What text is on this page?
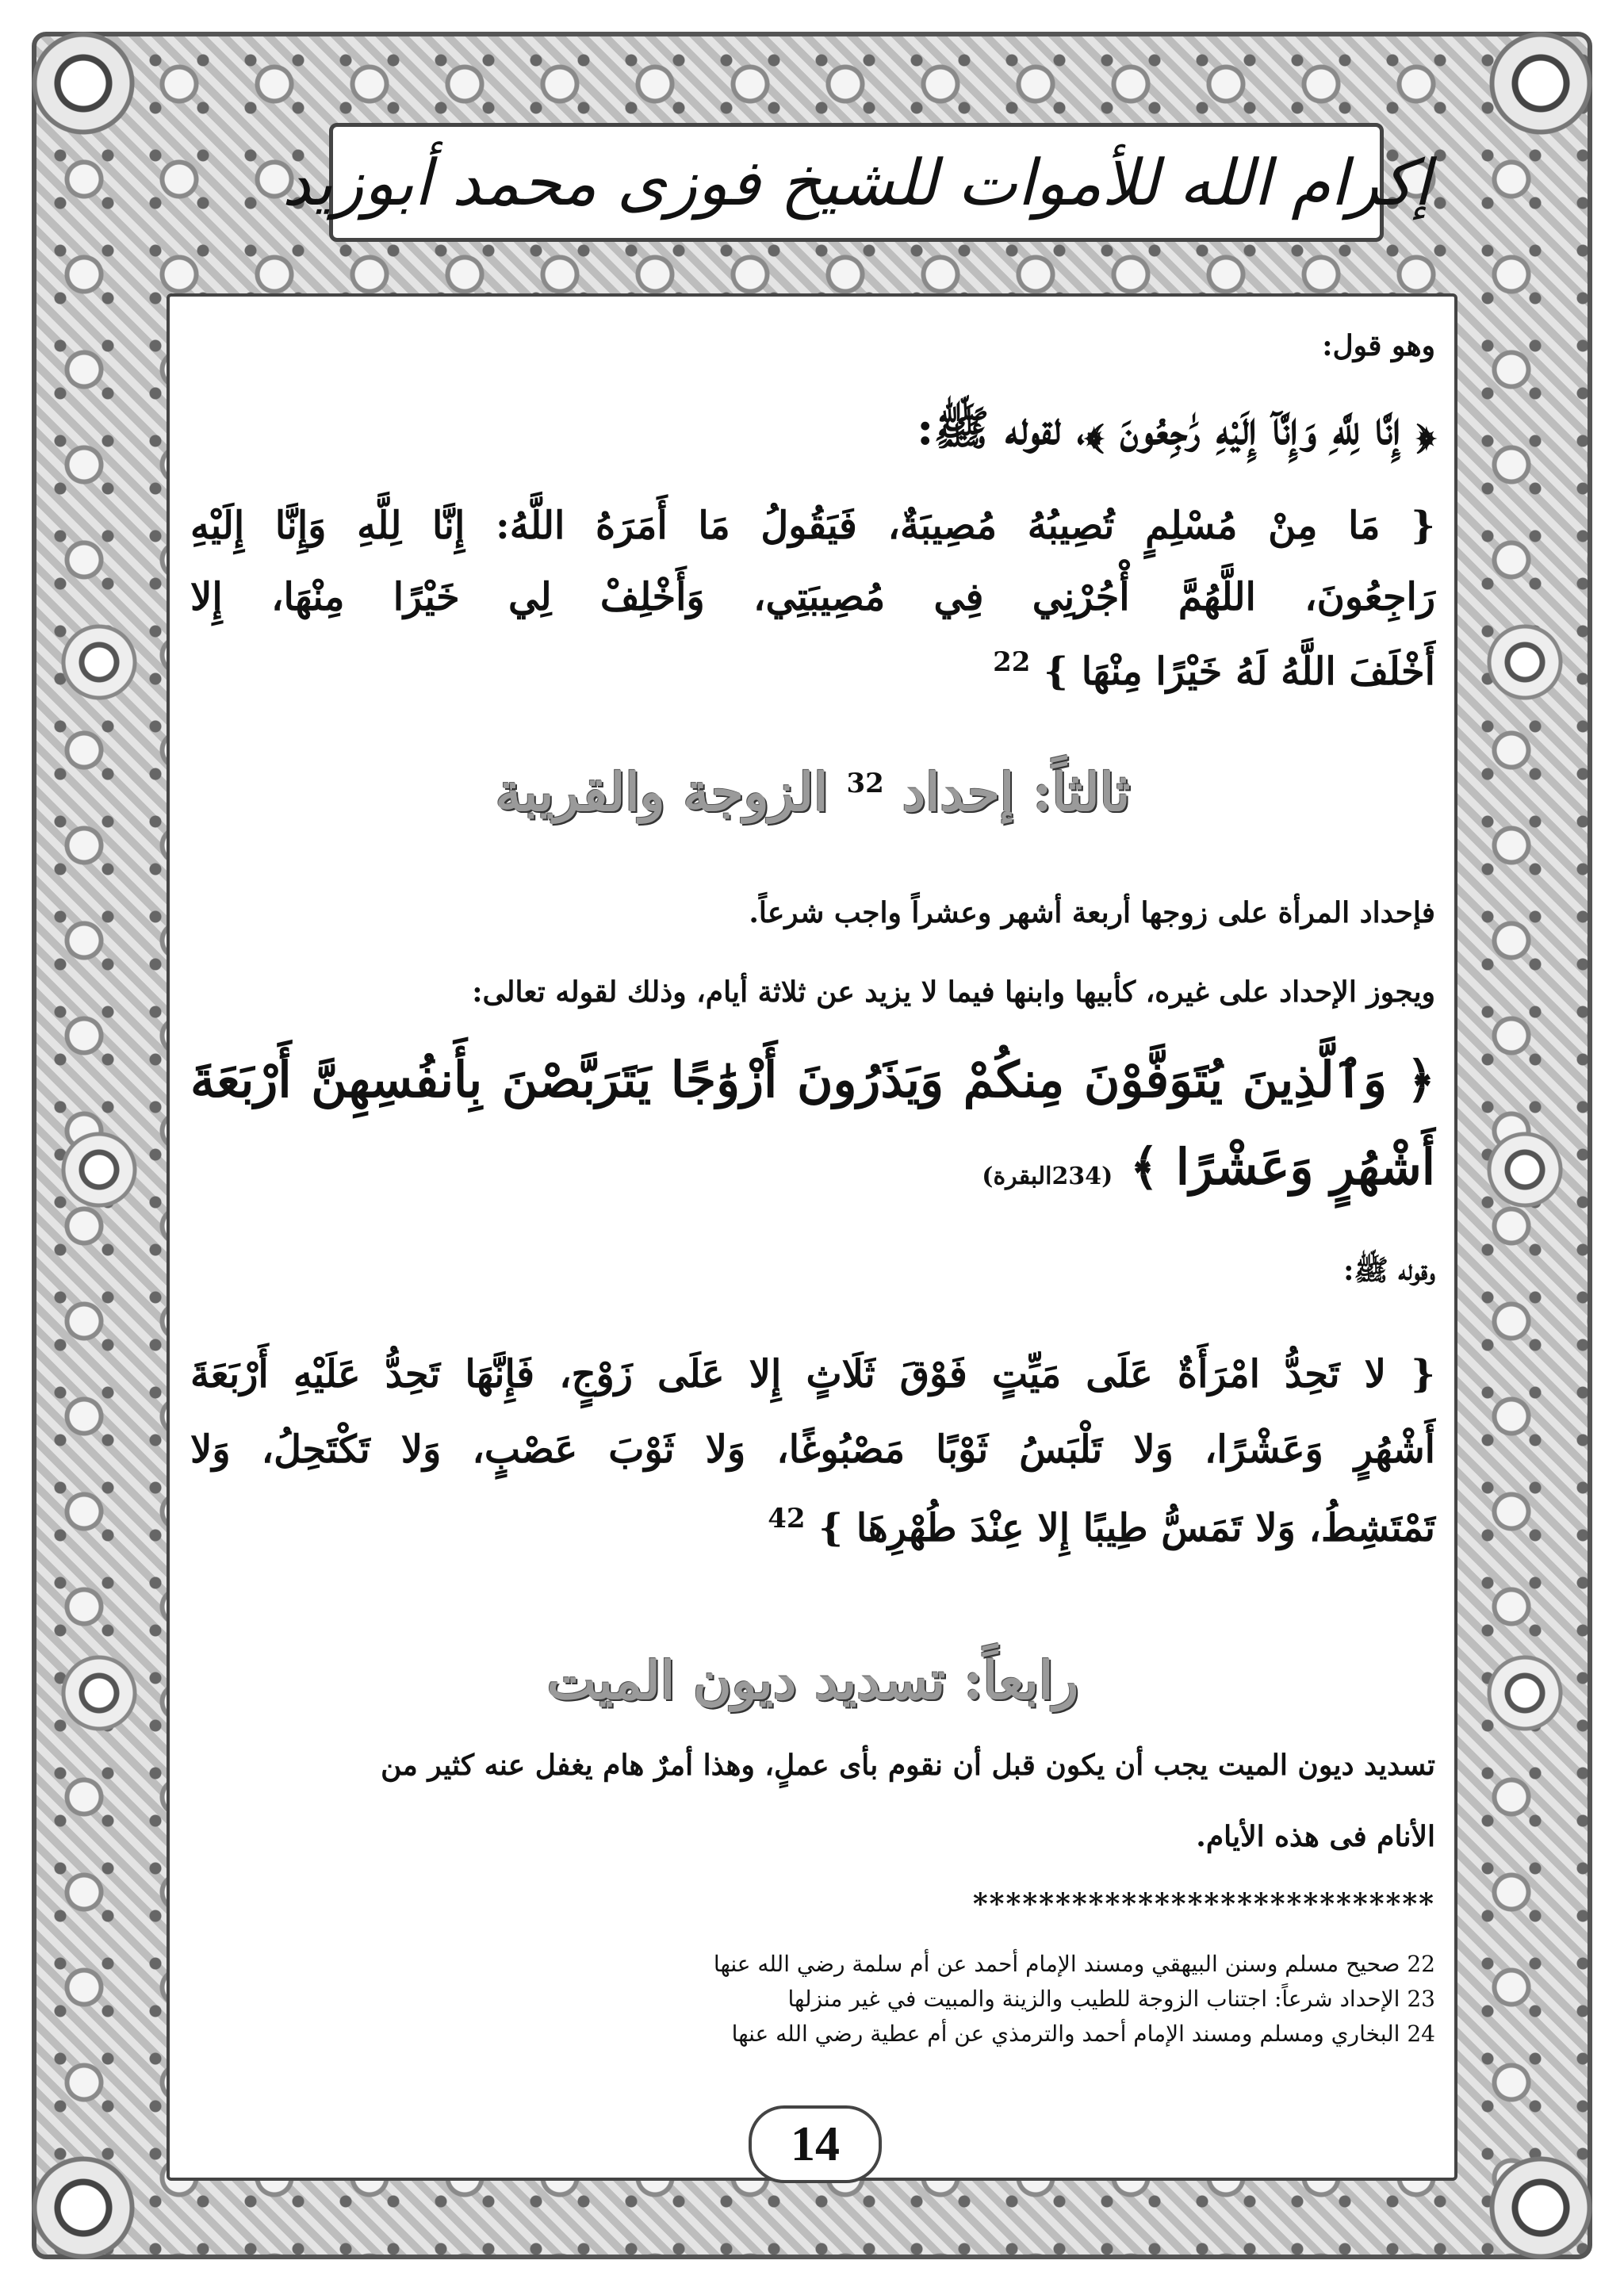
إكرام الله للأموات للشيخ فوزى محمد أبوزيد
وهو قول:
﴿ إِنَّا لِلَّهِ وَإِنَّآ إِلَيْهِ رَٰجِعُونَ ﴾، لقوله ﷺ:
{ مَا مِنْ مُسْلِمٍ تُصِيبُهُ مُصِيبَةٌ، فَيَقُولُ مَا أَمَرَهُ اللَّهُ: إِنَّا لِلَّهِ وَإِنَّا إِلَيْهِ
رَاجِعُونَ، اللَّهُمَّ أْجُرْنِي فِي مُصِيبَتِي، وَأَخْلِفْ لِي خَيْرًا مِنْهَا، إِلا
أَخْلَفَ اللَّهُ لَهُ خَيْرًا مِنْهَا } $^{22}$
ثالثاً: إحداد $^{32}$ الزوجة والقريبة
فإحداد المرأة على زوجها أربعة أشهر وعشراً واجب شرعاً.
ويجوز الإحداد على غيره، كأبيها وابنها فيما لا يزيد عن ثلاثة أيام، وذلك لقوله تعالى:
﴿ وَٱلَّذِينَ يُتَوَفَّوْنَ مِنكُمْ وَيَذَرُونَ أَزْوَٰجًا يَتَرَبَّصْنَ بِأَنفُسِهِنَّ أَرْبَعَةَ
أَشْهُرٍ وَعَشْرًا ﴾ (234البقرة)
وقوله ﷺ:
{ لا تَحِدُّ امْرَأَةٌ عَلَى مَيِّتٍ فَوْقَ ثَلَاثٍ إِلا عَلَى زَوْجٍ، فَإِنَّهَا تَحِدُّ عَلَيْهِ أَرْبَعَةَ
أَشْهُرٍ وَعَشْرًا، وَلا تَلْبَسُ ثَوْبًا مَصْبُوغًا، وَلا ثَوْبَ عَصْبٍ، وَلا تَكْتَحِلُ، وَلا
تَمْتَشِطُ، وَلا تَمَسُّ طِيبًا إِلا عِنْدَ طُهْرِهَا } $^{42}$
رابعاً: تسديد ديون الميت
تسديد ديون الميت يجب أن يكون قبل أن نقوم بأى عملٍ، وهذا أمرٌ هام يغفل عنه كثير من
الأنام فى هذه الأيام.
****************************
22 صحيح مسلم وسنن البيهقي ومسند الإمام أحمد عن أم سلمة رضي الله عنها
23 الإحداد شرعاً: اجتناب الزوجة للطيب والزينة والمبيت في غير منزلها
24 البخاري ومسلم ومسند الإمام أحمد والترمذي عن أم عطية رضي الله عنها
14
